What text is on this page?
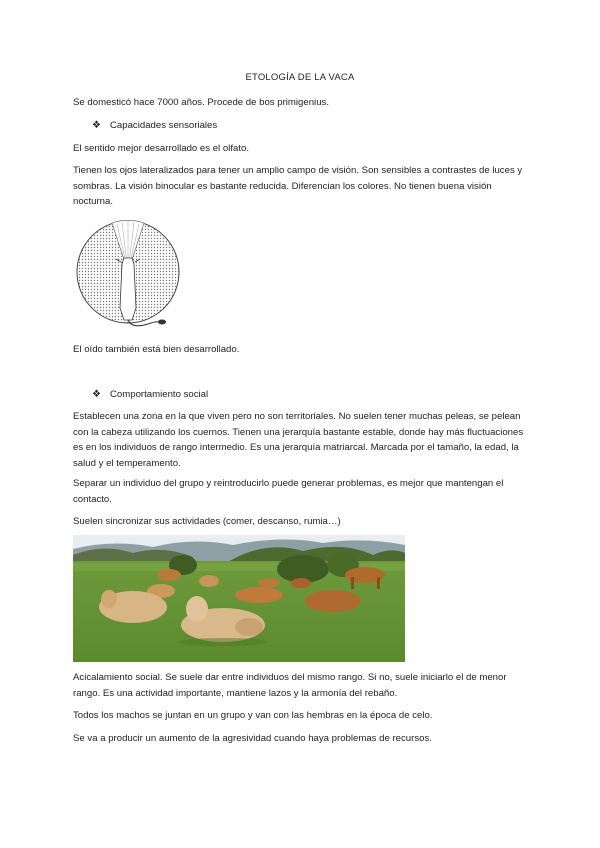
ETOLOGÍA DE LA VACA

Se domesticó hace 7000 años. Procede de bos primigenius.

❖ Capacidades sensoriales

El sentido mejor desarrollado es el olfato.

Tienen los ojos lateralizados para tener un amplio campo de visión. Son sensibles a contrastes de luces y sombras. La visión binocular es bastante reducida. Diferencian los colores. No tienen buena visión nocturna.

El oído también está bien desarrollado.

❖ Comportamiento social

Establecen una zona en la que viven pero no son territoriales. No suelen tener muchas peleas, se pelean con la cabeza utilizando los cuernos. Tienen una jerarquía bastante estable, donde hay más fluctuaciones es en los individuos de rango intermedio. Es una jerarquía matriarcal. Marcada por el tamaño, la edad, la salud y el temperamento.

Separar un individuo del grupo y reintroducirlo puede generar problemas, es mejor que mantengan el contacto.

Suelen sincronizar sus actividades (comer, descanso, rumia…)

Acicalamiento social. Se suele dar entre individuos del mismo rango. Si no, suele iniciarlo el de menor rango. Es una actividad importante, mantiene lazos y la armonía del rebaño.

Todos los machos se juntan en un grupo y van con las hembras en la época de celo.

Se va a producir un aumento de la agresividad cuando haya problemas de recursos.
